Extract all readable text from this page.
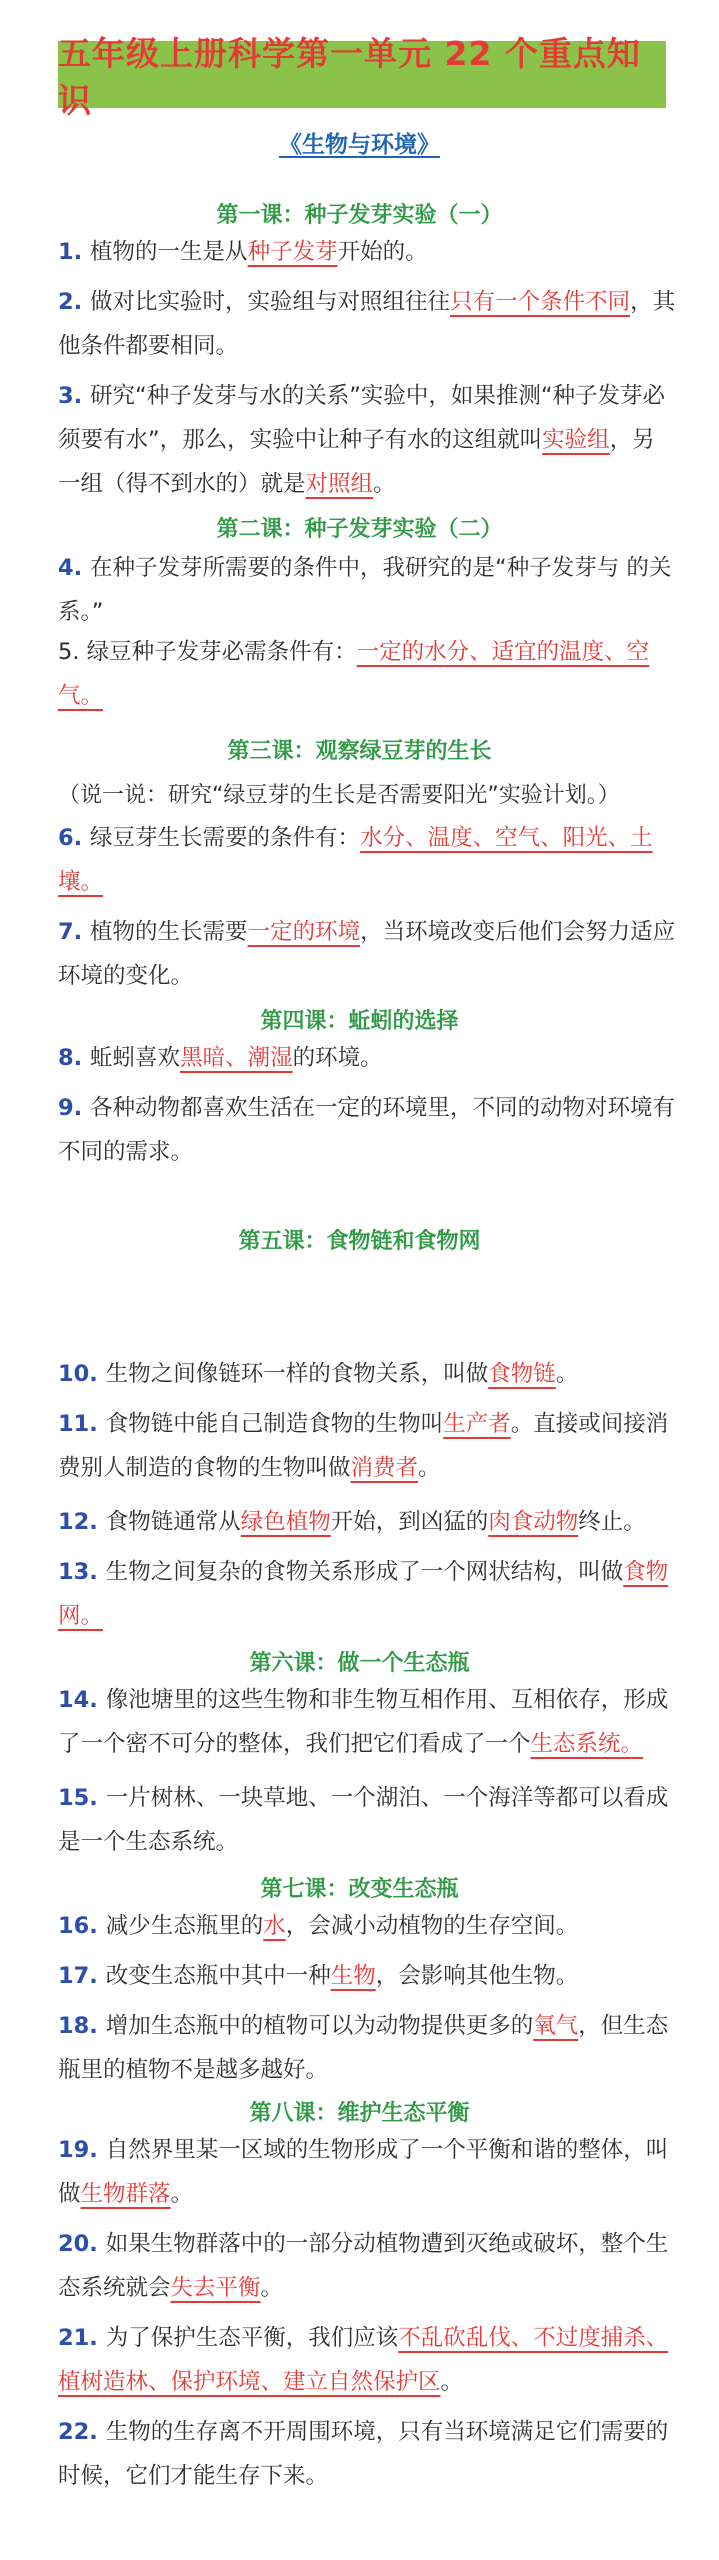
五年级上册科学第一单元 22 个重点知识
《生物与环境》
第一课：种子发芽实验（一）
1. 植物的一生是从种子发芽开始的。
2. 做对比实验时，实验组与对照组往往只有一个条件不同，其他条件都要相同。
3. 研究“种子发芽与水的关系”实验中，如果推测“种子发芽必须要有水”，那么，实验中让种子有水的这组就叫实验组，另一组（得不到水的）就是对照组。
第二课：种子发芽实验（二）
4. 在种子发芽所需要的条件中，我研究的是“种子发芽与 的关系。”
5. 绿豆种子发芽必需条件有：一定的水分、适宜的温度、空气。
第三课：观察绿豆芽的生长
（说一说：研究“绿豆芽的生长是否需要阳光”实验计划。）
6. 绿豆芽生长需要的条件有：水分、温度、空气、阳光、土壤。
7. 植物的生长需要一定的环境，当环境改变后他们会努力适应环境的变化。
第四课：蚯蚓的选择
8. 蚯蚓喜欢黑暗、潮湿的环境。
9. 各种动物都喜欢生活在一定的环境里，不同的动物对环境有不同的需求。
第五课：食物链和食物网
10. 生物之间像链环一样的食物关系，叫做食物链。
11. 食物链中能自己制造食物的生物叫生产者。直接或间接消费别人制造的食物的生物叫做消费者。
12. 食物链通常从绿色植物开始，到凶猛的肉食动物终止。
13. 生物之间复杂的食物关系形成了一个网状结构，叫做食物网。
第六课：做一个生态瓶
14. 像池塘里的这些生物和非生物互相作用、互相依存，形成了一个密不可分的整体，我们把它们看成了一个生态系统。
15. 一片树林、一块草地、一个湖泊、一个海洋等都可以看成是一个生态系统。
第七课：改变生态瓶
16. 减少生态瓶里的水，会减小动植物的生存空间。
17. 改变生态瓶中其中一种生物，会影响其他生物。
18. 增加生态瓶中的植物可以为动物提供更多的氧气，但生态瓶里的植物不是越多越好。
第八课：维护生态平衡
19. 自然界里某一区域的生物形成了一个平衡和谐的整体，叫做生物群落。
20. 如果生物群落中的一部分动植物遭到灭绝或破坏，整个生态系统就会失去平衡。
21. 为了保护生态平衡，我们应该不乱砍乱伐、不过度捕杀、植树造林、保护环境、建立自然保护区。
22. 生物的生存离不开周围环境，只有当环境满足它们需要的时候，它们才能生存下来。
